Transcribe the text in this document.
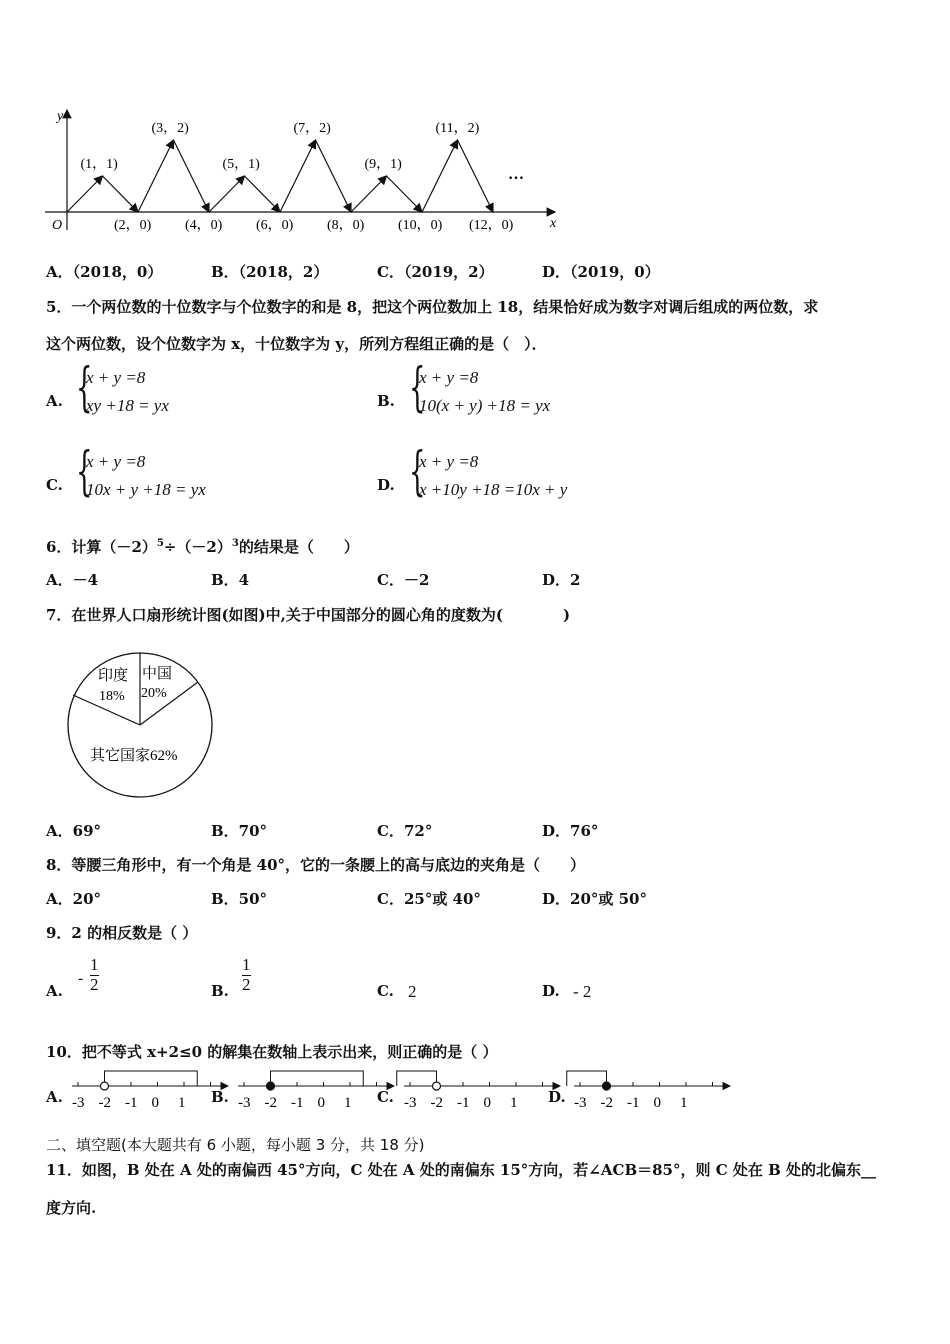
y
x
O
(1，1)
(3，2)
(5，1)
(7，2)
(9，1)
(11，2)
(2，0) (4，0) (6，0) (8，0) (10，0) (12，0)
…
A．（2018，0）	B．（2018，2）	C．（2019，2）	D．（2019，0）
5．一个两位数的十位数字与个位数字的和是 8，把这个两位数加上 18，结果恰好成为数字对调后组成的两位数，求
这个两位数，设个位数字为 x，十位数字为 y，所列方程组正确的是（　）．
A. {
x + y =8
xy +18 = yx	B. {
x + y =8
10(x + y) +18 = yx
C. {
x + y =8
10x + y +18 = yx	D. {
x + y =8
x +10y +18 =10x + y
6．计算$(-2)^5\div(-2)^3$的结果是（　　）
A．－4	B．4	C．－2	D．2
7．在世界人口扇形统计图(如图)中,关于中国部分的圆心角的度数为(　　　　)
印度
18%
中国
20%
其它国家62%
A．69°	B．70°	C．72°	D．76°
8．等腰三角形中，有一个角是 40°，它的一条腰上的高与底边的夹角是（　　）
A．20°	B．50°	C．25°或 40°	D．20°或 50°
9．2 的相反数是（ ）
A.
-
1
2	B.
1
2	C. 2	D. - 2
10．把不等式 x+2≤0 的解集在数轴上表示出来，则正确的是（ ）
A.	B.	C.	D.
-3 -2 -1 0 1	-3 -2 -1 0 1	-3 -2 -1 0 1	-3 -2 -1 0 1
二、填空题(本大题共有 6 小题，每小题 3 分，共 18 分)
11．如图，B 处在 A 处的南偏西 45°方向，C 处在 A 处的南偏东 15°方向，若∠ACB＝85°，则 C 处在 B 处的北偏东__
度方向.
